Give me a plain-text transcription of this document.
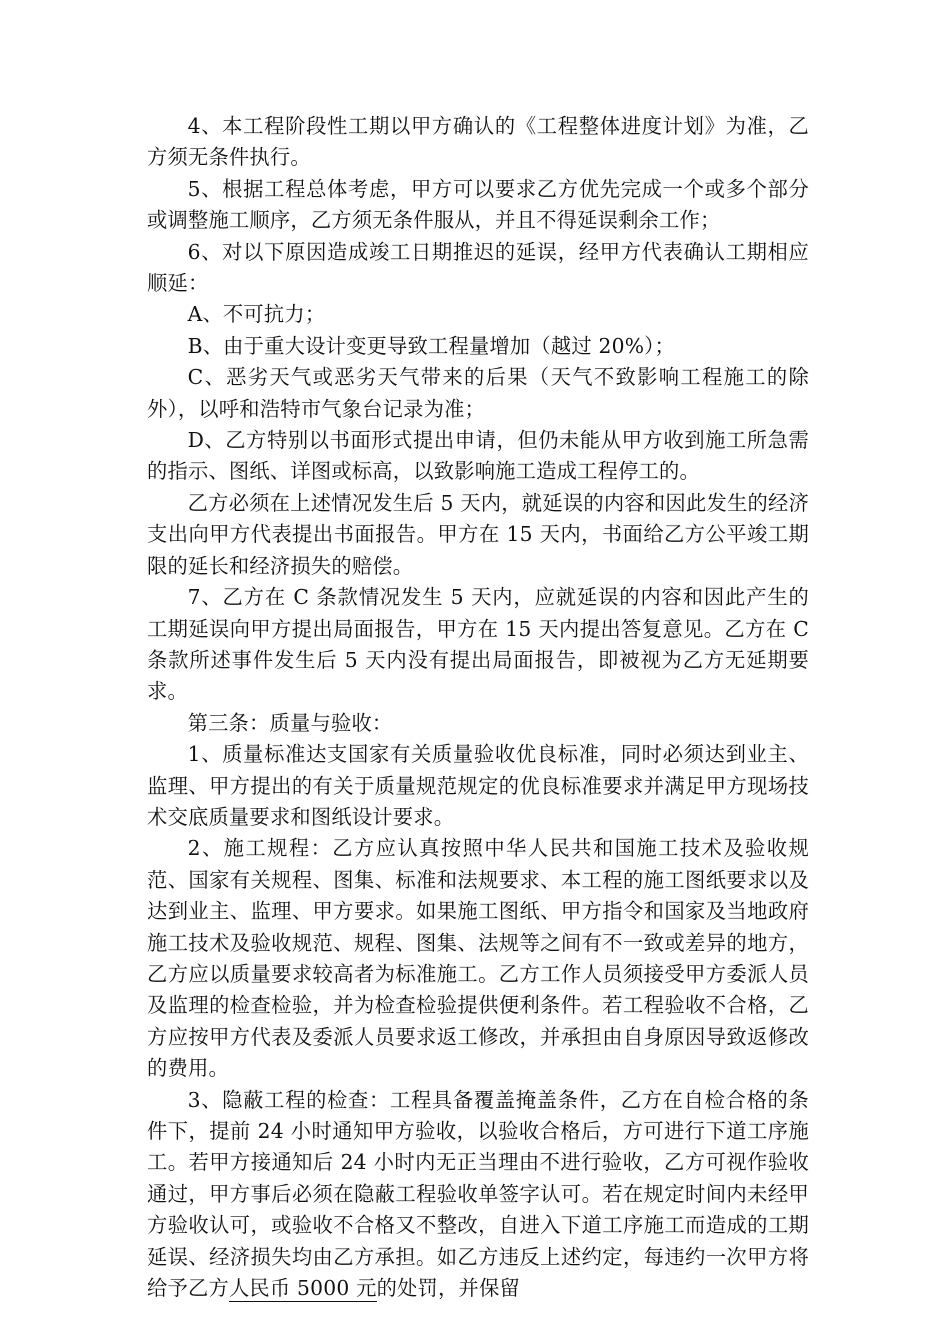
4、本工程阶段性工期以甲方确认的《工程整体进度计划》为准，乙方须无条件执行。

5、根据工程总体考虑，甲方可以要求乙方优先完成一个或多个部分或调整施工顺序，乙方须无条件服从，并且不得延误剩余工作；

6、对以下原因造成竣工日期推迟的延误，经甲方代表确认工期相应顺延：

A、不可抗力；

B、由于重大设计变更导致工程量增加（越过 20%）；

C、恶劣天气或恶劣天气带来的后果（天气不致影响工程施工的除外），以呼和浩特市气象台记录为准；

D、乙方特别以书面形式提出申请，但仍未能从甲方收到施工所急需的指示、图纸、详图或标高，以致影响施工造成工程停工的。

乙方必须在上述情况发生后 5 天内，就延误的内容和因此发生的经济支出向甲方代表提出书面报告。甲方在 15 天内，书面给乙方公平竣工期限的延长和经济损失的赔偿。

7、乙方在 C 条款情况发生 5 天内，应就延误的内容和因此产生的工期延误向甲方提出局面报告，甲方在 15 天内提出答复意见。乙方在 C 条款所述事件发生后 5 天内没有提出局面报告，即被视为乙方无延期要求。

第三条：质量与验收：

1、质量标准达支国家有关质量验收优良标准，同时必须达到业主、监理、甲方提出的有关于质量规范规定的优良标准要求并满足甲方现场技术交底质量要求和图纸设计要求。

2、施工规程：乙方应认真按照中华人民共和国施工技术及验收规范、国家有关规程、图集、标准和法规要求、本工程的施工图纸要求以及达到业主、监理、甲方要求。如果施工图纸、甲方指令和国家及当地政府施工技术及验收规范、规程、图集、法规等之间有不一致或差异的地方，乙方应以质量要求较高者为标准施工。乙方工作人员须接受甲方委派人员及监理的检查检验，并为检查检验提供便利条件。若工程验收不合格，乙方应按甲方代表及委派人员要求返工修改，并承担由自身原因导致返修改的费用。

3、隐蔽工程的检查：工程具备覆盖掩盖条件，乙方在自检合格的条件下，提前 24 小时通知甲方验收，以验收合格后，方可进行下道工序施工。若甲方接通知后 24 小时内无正当理由不进行验收，乙方可视作验收通过，甲方事后必须在隐蔽工程验收单签字认可。若在规定时间内未经甲方验收认可，或验收不合格又不整改，自进入下道工序施工而造成的工期延误、经济损失均由乙方承担。如乙方违反上述约定，每违约一次甲方将给予乙方人民币 5000 元的处罚，并保留
